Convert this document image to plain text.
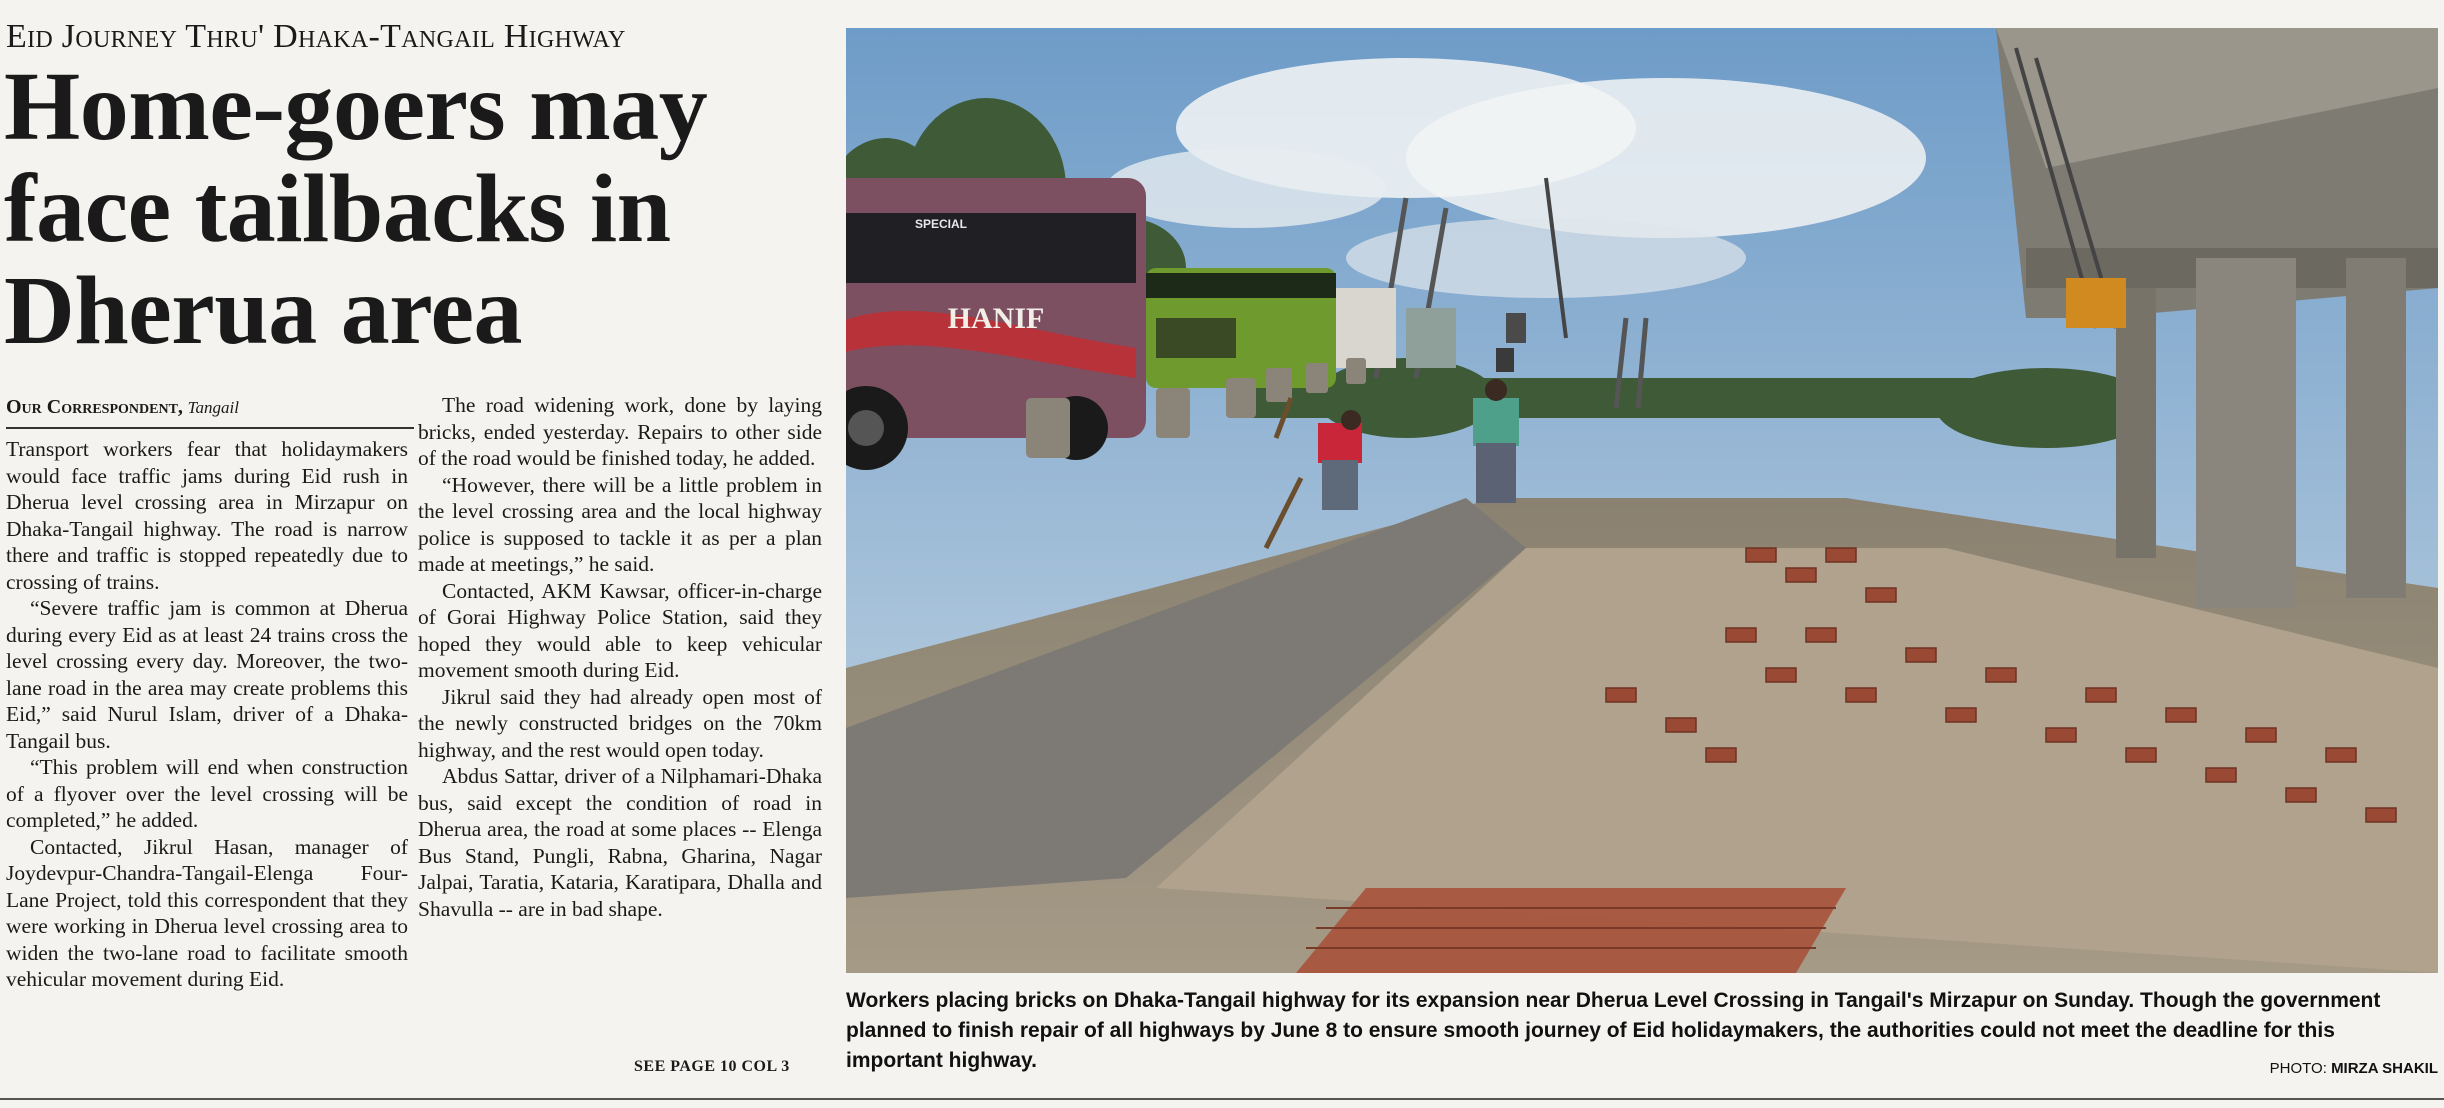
Eid Journey Thru' Dhaka-Tangail Highway
Home-goers may face tailbacks in Dherua area
Our Correspondent, Tangail

Transport workers fear that holidaymakers would face traffic jams during Eid rush in Dherua level crossing area in Mirzapur on Dhaka-Tangail highway. The road is narrow there and traffic is stopped repeatedly due to crossing of trains.

“Severe traffic jam is common at Dherua during every Eid as at least 24 trains cross the level crossing every day. Moreover, the two-lane road in the area may create problems this Eid,” said Nurul Islam, driver of a Dhaka-Tangail bus.

“This problem will end when construction of a flyover over the level crossing will be completed,” he added.

Contacted, Jikrul Hasan, manager of Joydevpur-Chandra-Tangail-Elenga Four- Lane Project, told this correspondent that they were working in Dherua level crossing area to widen the two-lane road to facilitate smooth vehicular movement during Eid.

The road widening work, done by laying bricks, ended yesterday. Repairs to other side of the road would be finished today, he added.

“However, there will be a little problem in the level crossing area and the local highway police is supposed to tackle it as per a plan made at meetings,” he said.

Contacted, AKM Kawsar, officer-in-charge of Gorai Highway Police Station, said they hoped they would able to keep vehicular movement smooth during Eid.

Jikrul said they had already open most of the newly constructed bridges on the 70km highway, and the rest would open today.

Abdus Sattar, driver of a Nilphamari-Dhaka bus, said except the condition of road in Dherua area, the road at some places -- Elenga Bus Stand, Pungli, Rabna, Gharina, Nagar Jalpai, Taratia, Kataria, Karatipara, Dhalla and Shavulla -- are in bad shape.

SEE PAGE 10 COL 3
HANIF
SPECIAL
Workers placing bricks on Dhaka-Tangail highway for its expansion near Dherua Level Crossing in Tangail's Mirzapur on Sunday. Though the government planned to finish repair of all highways by June 8 to ensure smooth journey of Eid holidaymakers, the authorities could not meet the deadline for this important highway.	PHOTO: MIRZA SHAKIL
